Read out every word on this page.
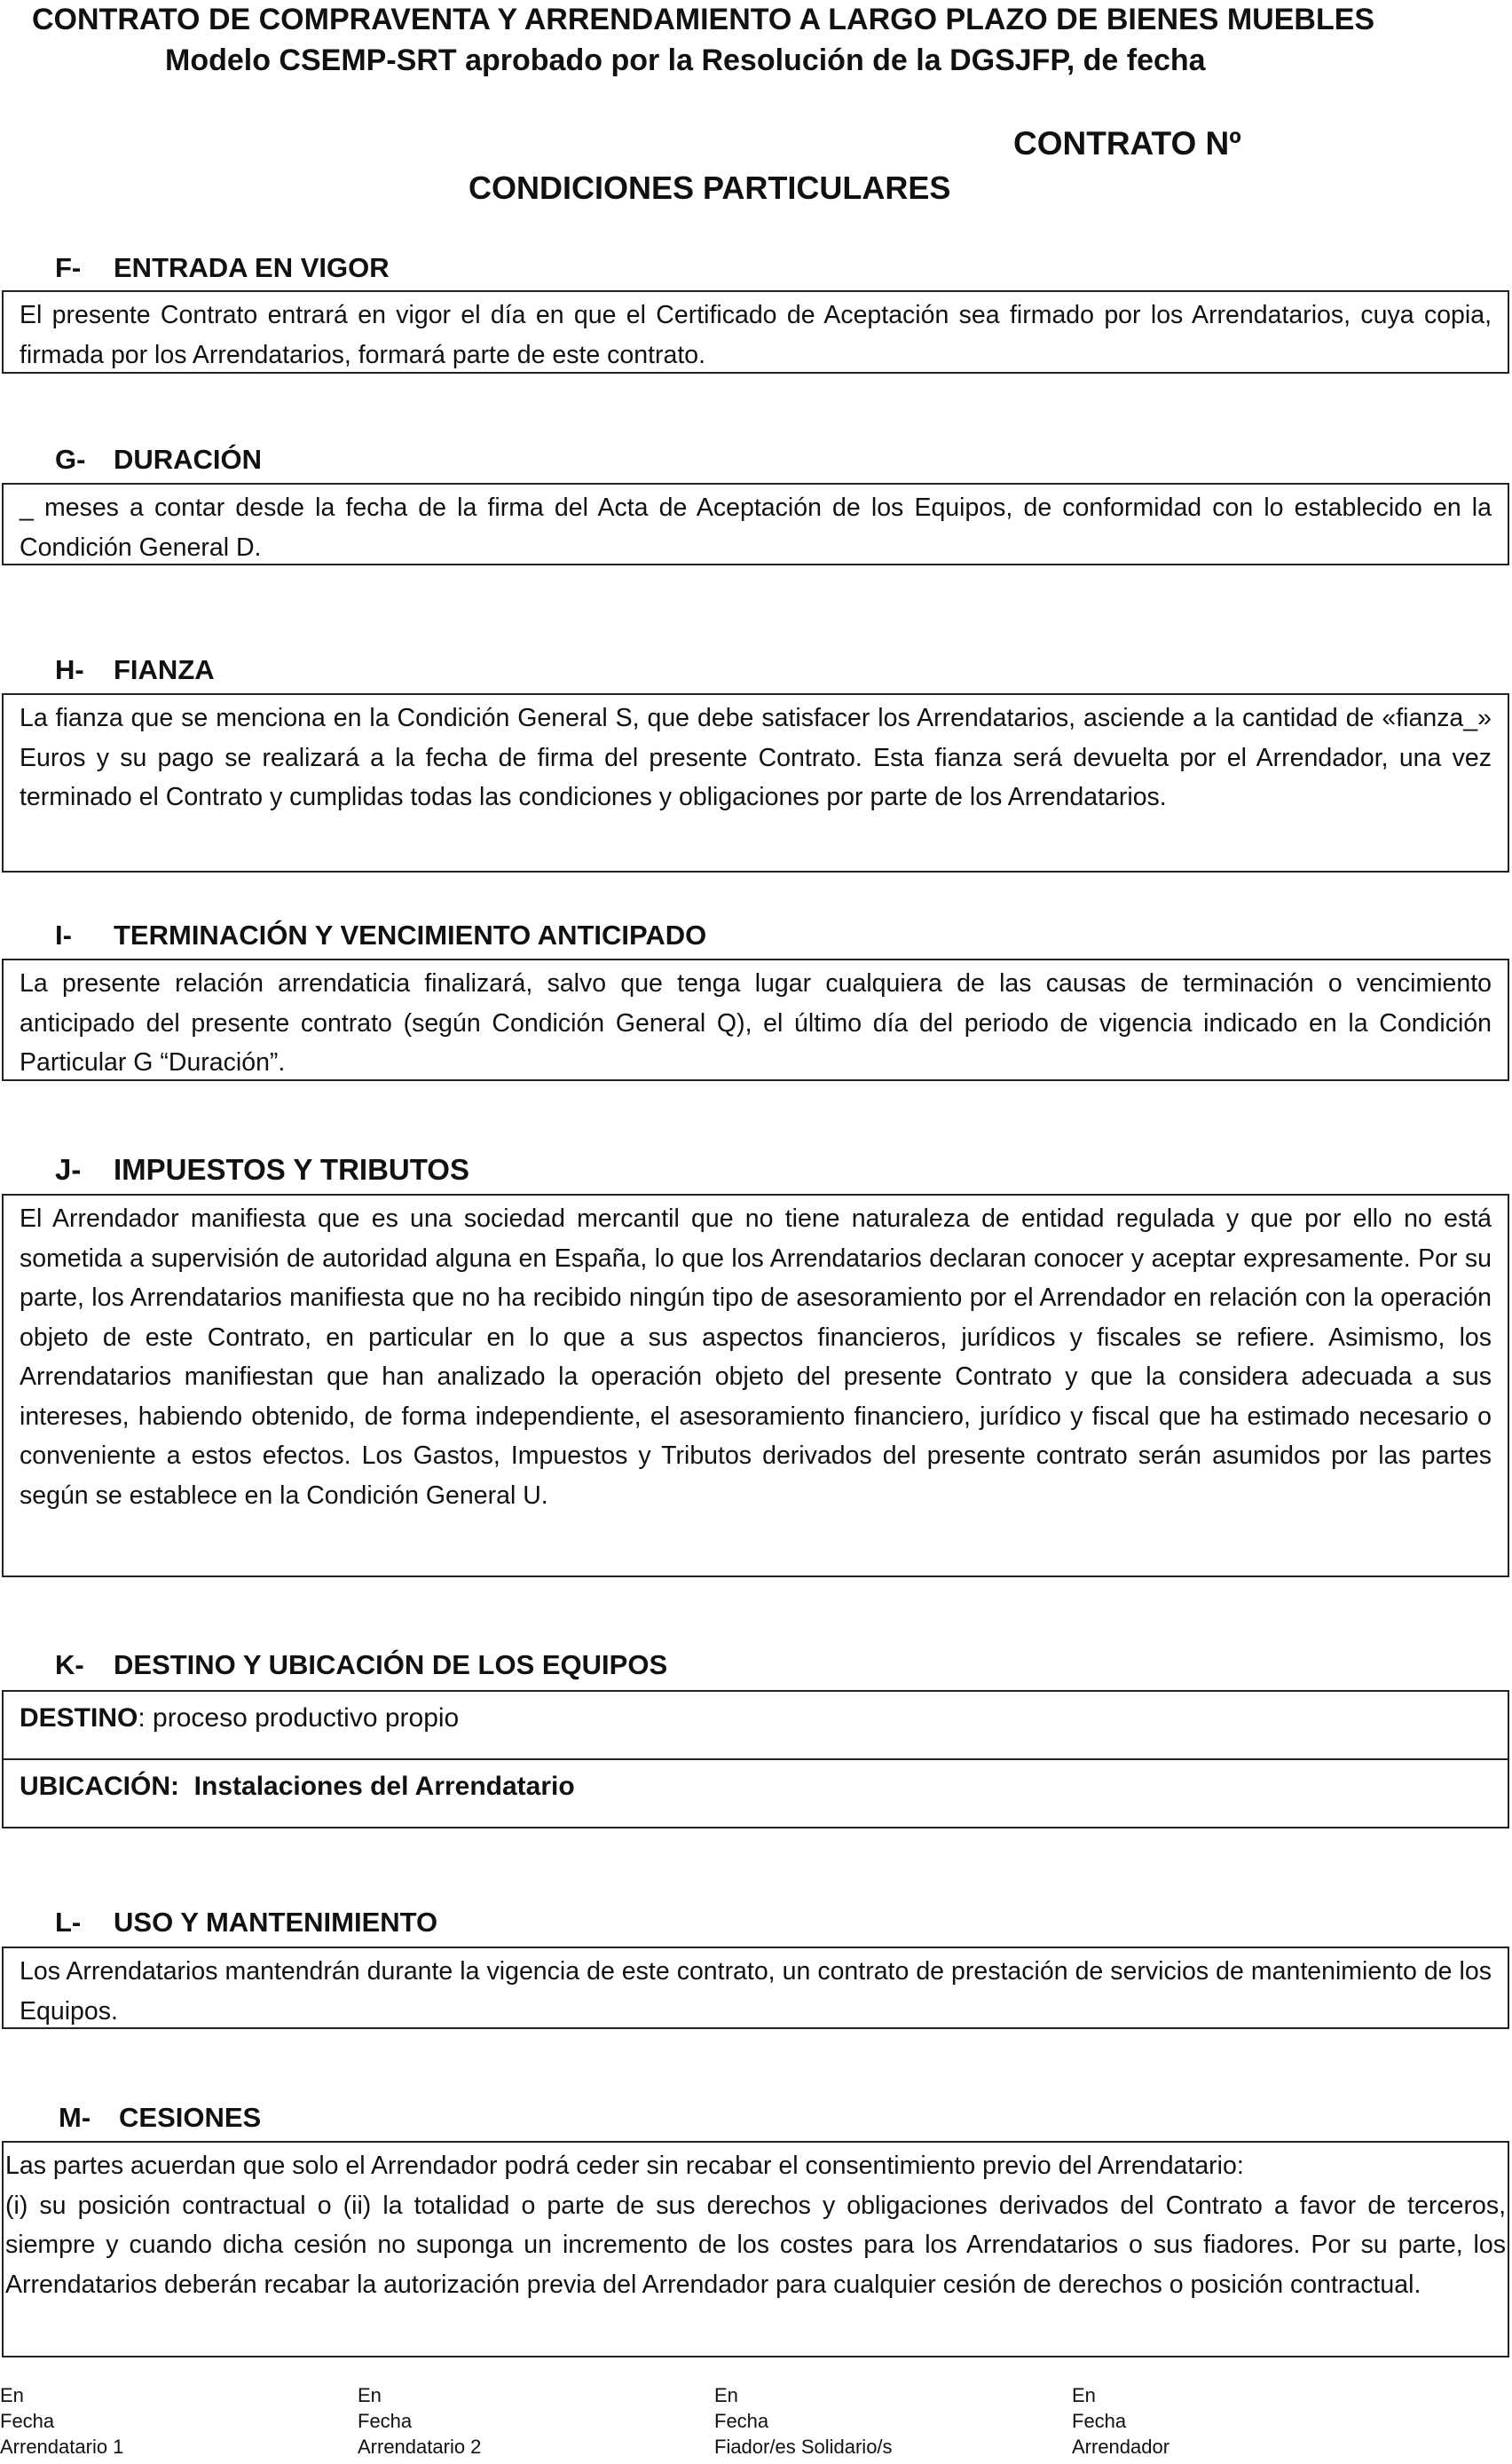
CONTRATO DE COMPRAVENTA Y ARRENDAMIENTO A LARGO PLAZO DE BIENES MUEBLES
Modelo CSEMP-SRT aprobado por la Resolución de la DGSJFP, de fecha
CONTRATO Nº
CONDICIONES PARTICULARES
F- ENTRADA EN VIGOR

El presente Contrato entrará en vigor el día en que el Certificado de Aceptación sea firmado por los Arrendatarios, cuya copia, firmada por los Arrendatarios, formará parte de este contrato.

G- DURACIÓN

_ meses a contar desde la fecha de la firma del Acta de Aceptación de los Equipos, de conformidad con lo establecido en la Condición General D.

H- FIANZA

La fianza que se menciona en la Condición General S, que debe satisfacer los Arrendatarios, asciende a la cantidad de «fianza_» Euros y su pago se realizará a la fecha de firma del presente Contrato. Esta fianza será devuelta por el Arrendador, una vez terminado el Contrato y cumplidas todas las condiciones y obligaciones por parte de los Arrendatarios.

I- TERMINACIÓN Y VENCIMIENTO ANTICIPADO

La presente relación arrendaticia finalizará, salvo que tenga lugar cualquiera de las causas de terminación o vencimiento anticipado del presente contrato (según Condición General Q), el último día del periodo de vigencia indicado en la Condición Particular G “Duración”.

J- IMPUESTOS Y TRIBUTOS

El Arrendador manifiesta que es una sociedad mercantil que no tiene naturaleza de entidad regulada y que por ello no está sometida a supervisión de autoridad alguna en España, lo que los Arrendatarios declaran conocer y aceptar expresamente. Por su parte, los Arrendatarios manifiesta que no ha recibido ningún tipo de asesoramiento por el Arrendador en relación con la operación objeto de este Contrato, en particular en lo que a sus aspectos financieros, jurídicos y fiscales se refiere. Asimismo, los Arrendatarios manifiestan que han analizado la operación objeto del presente Contrato y que la considera adecuada a sus intereses, habiendo obtenido, de forma independiente, el asesoramiento financiero, jurídico y fiscal que ha estimado necesario o conveniente a estos efectos. Los Gastos, Impuestos y Tributos derivados del presente contrato serán asumidos por las partes según se establece en la Condición General U.

K- DESTINO Y UBICACIÓN DE LOS EQUIPOS
DESTINO: proceso productivo propio
UBICACIÓN: Instalaciones del Arrendatario
L- USO Y MANTENIMIENTO

Los Arrendatarios mantendrán durante la vigencia de este contrato, un contrato de prestación de servicios de mantenimiento de los Equipos.

M- CESIONES

Las partes acuerdan que solo el Arrendador podrá ceder sin recabar el consentimiento previo del Arrendatario:

(i) su posición contractual o (ii) la totalidad o parte de sus derechos y obligaciones derivados del Contrato a favor de terceros, siempre y cuando dicha cesión no suponga un incremento de los costes para los Arrendatarios o sus fiadores. Por su parte, los Arrendatarios deberán recabar la autorización previa del Arrendador para cualquier cesión de derechos o posición contractual.

En
Fecha
Arrendatario 1
En
Fecha
Arrendatario 2
En
Fecha
Fiador/es Solidario/s
En
Fecha
Arrendador
